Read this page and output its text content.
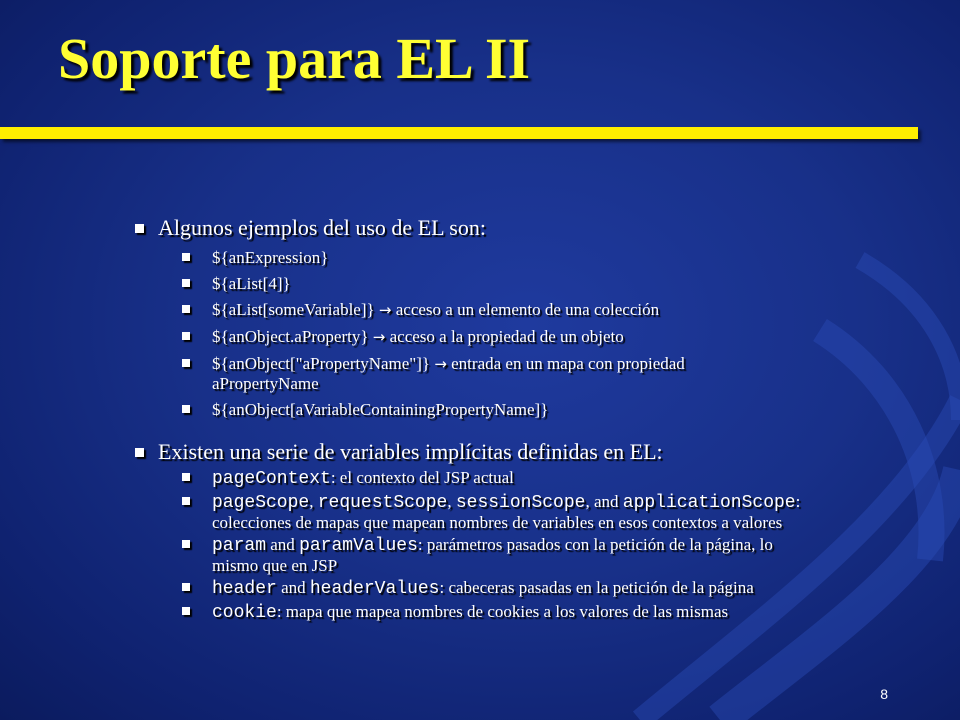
Soporte para EL II
Algunos ejemplos del uso de EL son:
${anExpression}
${aList[4]}
${aList[someVariable]} → acceso a un elemento de una colección
${anObject.aProperty} → acceso a la propiedad de un objeto
${anObject["aPropertyName"]} → entrada en un mapa con propiedad
aPropertyName
${anObject[aVariableContainingPropertyName]}
Existen una serie de variables implícitas definidas en EL:
pageContext: el contexto del JSP actual
pageScope, requestScope, sessionScope, and applicationScope:
colecciones de mapas que mapean nombres de variables en esos contextos a valores
param and paramValues: parámetros pasados con la petición de la página, lo
mismo que en JSP
header and headerValues: cabeceras pasadas en la petición de la página
cookie: mapa que mapea nombres de cookies a los valores de las mismas
8
